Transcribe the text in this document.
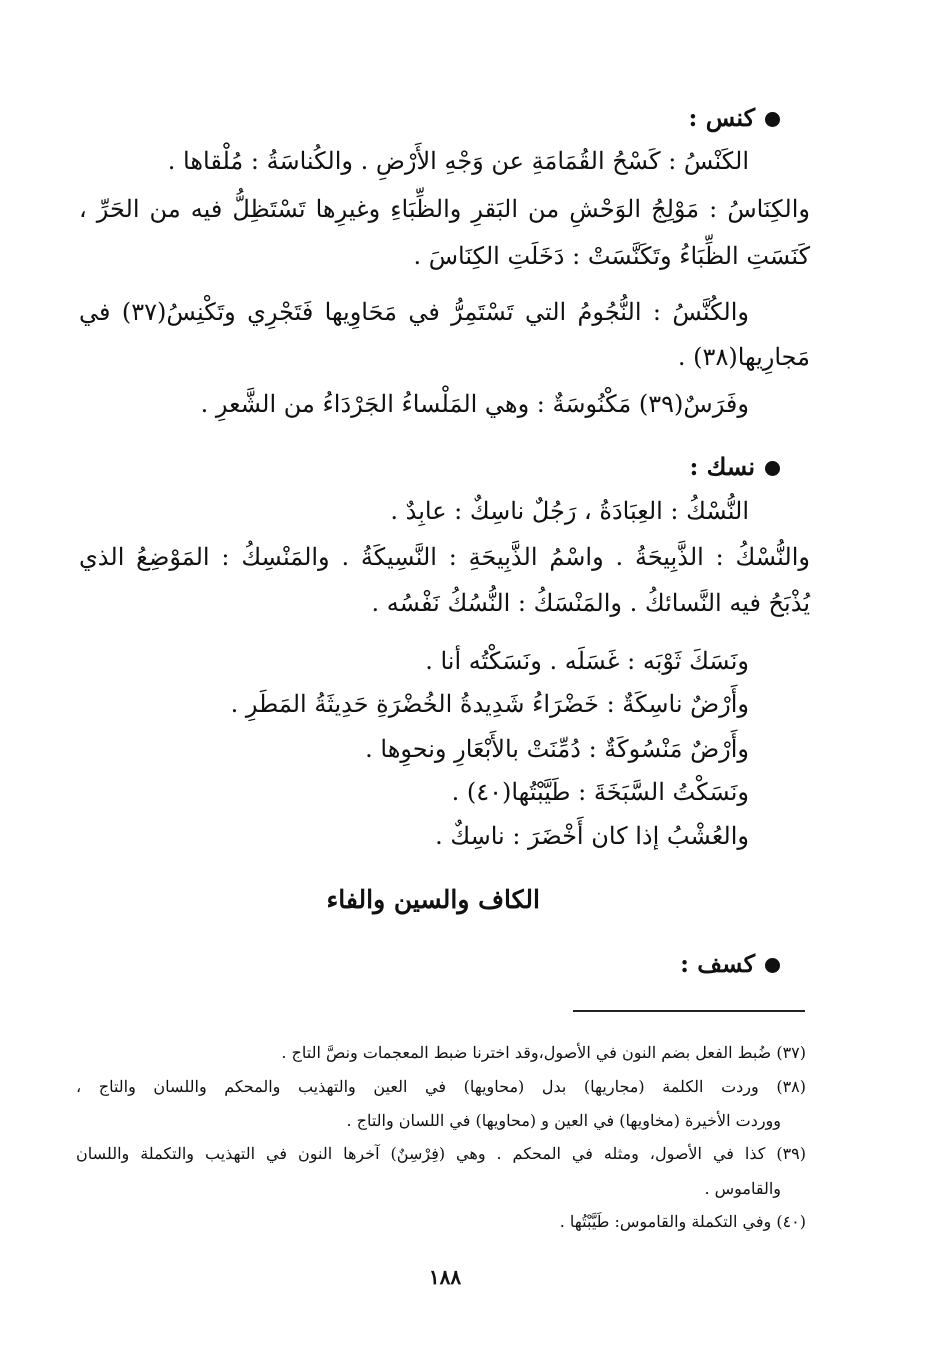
كنس :
الكَنْسُ : كَسْحُ القُمَامَةِ عن وَجْهِ الأَرْضِ . والكُناسَةُ : مُلْقاها .
والكِنَاسُ : مَوْلِجُ الوَحْشِ من البَقرِ والظِّبَاءِ وغيرِها تَسْتَظِلُّ فيه من الحَرِّ ،
كَنَسَتِ الظِّبَاءُ وتَكَنَّسَتْ : دَخَلَتِ الكِنَاسَ .
والكُنَّسُ : النُّجُومُ التي تَسْتَمِرُّ في مَحَاوِيها فَتَجْرِي وتَكْنِسُ(٣٧) في
مَجارِيها(٣٨) .
وفَرَسٌ(٣٩) مَكْنُوسَةٌ : وهي المَلْساءُ الجَرْدَاءُ من الشَّعرِ .
نسك :
النُّسْكُ : العِبَادَةُ ، رَجُلٌ ناسِكٌ : عابِدٌ .
والنُّسْكُ : الذَّبِيحَةُ . واسْمُ الذَّبِيحَةِ : النَّسِيكَةُ . والمَنْسِكُ : المَوْضِعُ الذي
يُذْبَحُ فيه النَّسائكُ . والمَنْسَكُ : النُّسُكُ نَفْسُه .
ونَسَكَ ثَوْبَه : غَسَلَه . ونَسَكْتُه أنا .
وأَرْضٌ ناسِكَةٌ : خَضْرَاءُ شَدِيدةُ الخُضْرَةِ حَدِيثَةُ المَطَرِ .
وأَرْضٌ مَنْسُوكَةٌ : دُمِّنَتْ بالأَبْعَارِ ونحوِها .
ونَسَكْتُ السَّبَخَةَ : طَيَّبْتُها(٤٠) .
والعُشْبُ إذا كان أَخْضَرَ : ناسِكٌ .
الكاف والسين والفاء
كسف :
(٣٧) ضُبط الفعل بضم النون في الأصول،وقد اخترنا ضبط المعجمات ونصَّ التاج .
(٣٨) وردت الكلمة (مجاريها) بدل (محاويها) في العين والتهذيب والمحكم واللسان والتاج ،
ووردت الأخيرة (مخاويها) في العين و (محاويها) في اللسان والتاج .
(٣٩) كذا في الأصول، ومثله في المحكم . وهي (فِرْسِنٌ) آخرها النون في التهذيب والتكملة واللسان
والقاموس .
(٤٠) وفي التكملة والقاموس: طَيَّبْتُها .
١٨٨
